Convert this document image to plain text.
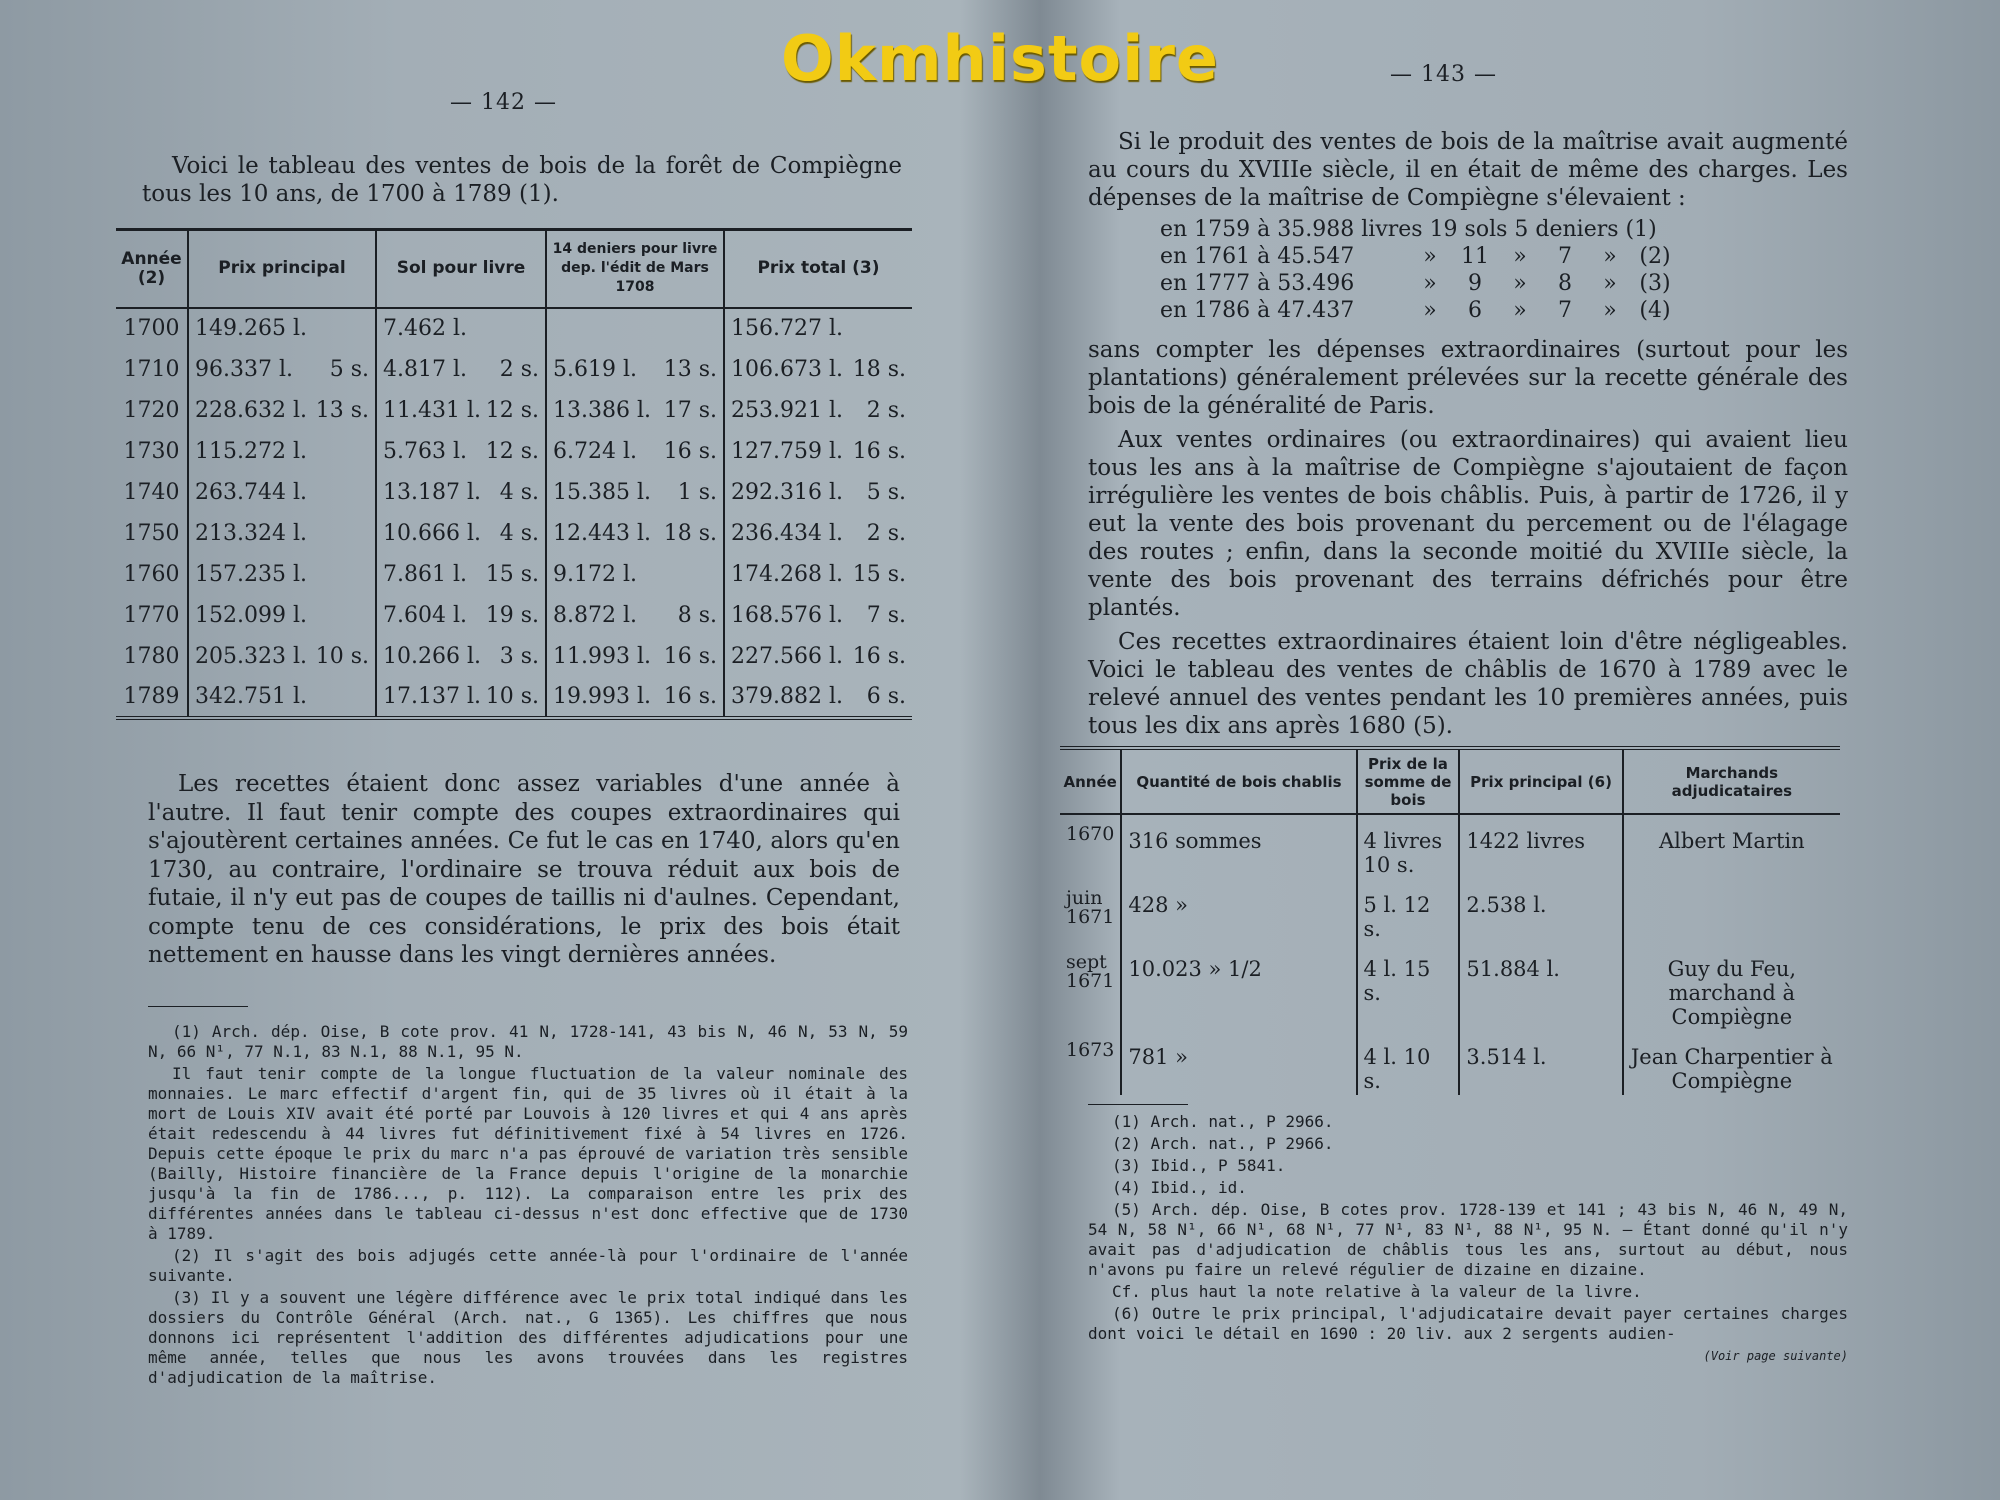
Okmhistoire
— 142 —

Voici le tableau des ventes de bois de la forêt de Compiègne tous les 10 ans, de 1700 à 1789 (1).

Année (2)	Prix principal	Sol pour livre	14 deniers pour livre dep. l'édit de Mars 1708	Prix total (3)
1700	149.265 l.	7.462 l.		156.727 l.

1710	96.337 l. 5 s.	4.817 l. 2 s.	5.619 l. 13 s.	106.673 l. 18 s.

1720	228.632 l. 13 s.	11.431 l. 12 s.	13.386 l. 17 s.	253.921 l. 2 s.

1730	115.272 l.	5.763 l. 12 s.	6.724 l. 16 s.	127.759 l. 16 s.

1740	263.744 l.	13.187 l. 4 s.	15.385 l. 1 s.	292.316 l. 5 s.

1750	213.324 l.	10.666 l. 4 s.	12.443 l. 18 s.	236.434 l. 2 s.

1760	157.235 l.	7.861 l. 15 s.	9.172 l.	174.268 l. 15 s.

1770	152.099 l.	7.604 l. 19 s.	8.872 l. 8 s.	168.576 l. 7 s.

1780	205.323 l. 10 s.	10.266 l. 3 s.	11.993 l. 16 s.	227.566 l. 16 s.

1789	342.751 l.	17.137 l. 10 s.	19.993 l. 16 s.	379.882 l. 6 s.

Les recettes étaient donc assez variables d'une année à l'autre. Il faut tenir compte des coupes extraordinaires qui s'ajoutèrent certaines années. Ce fut le cas en 1740, alors qu'en 1730, au contraire, l'ordinaire se trouva réduit aux bois de futaie, il n'y eut pas de coupes de taillis ni d'aulnes. Cependant, compte tenu de ces considérations, le prix des bois était nettement en hausse dans les vingt dernières années.

(1) Arch. dép. Oise, B cote prov. 41 N, 1728-141, 43 bis N, 46 N, 53 N, 59 N, 66 N¹, 77 N.1, 83 N.1, 88 N.1, 95 N.

Il faut tenir compte de la longue fluctuation de la valeur nominale des monnaies. Le marc effectif d'argent fin, qui de 35 livres où il était à la mort de Louis XIV avait été porté par Louvois à 120 livres et qui 4 ans après était redescendu à 44 livres fut définitivement fixé à 54 livres en 1726. Depuis cette époque le prix du marc n'a pas éprouvé de variation très sensible (Bailly, Histoire financière de la France depuis l'origine de la monarchie jusqu'à la fin de 1786..., p. 112). La comparaison entre les prix des différentes années dans le tableau ci-dessus n'est donc effective que de 1730 à 1789.

(2) Il s'agit des bois adjugés cette année-là pour l'ordinaire de l'année suivante.

(3) Il y a souvent une légère différence avec le prix total indiqué dans les dossiers du Contrôle Général (Arch. nat., G 1365). Les chiffres que nous donnons ici représentent l'addition des différentes adjudications pour une même année, telles que nous les avons trouvées dans les registres d'adjudication de la maîtrise.

— 143 —

Si le produit des ventes de bois de la maîtrise avait augmenté au cours du XVIIIe siècle, il en était de même des charges. Les dépenses de la maîtrise de Compiègne s'élevaient :

en 1759 à 35.988 livres 19 sols 5 deniers (1)
en 1761 à 45.547	» 11 » 7 » (2)
en 1777 à 53.496	» 9 » 8 » (3)
en 1786 à 47.437	» 6 » 7 » (4)

sans compter les dépenses extraordinaires (surtout pour les plantations) généralement prélevées sur la recette générale des bois de la généralité de Paris.

Aux ventes ordinaires (ou extraordinaires) qui avaient lieu tous les ans à la maîtrise de Compiègne s'ajoutaient de façon irrégulière les ventes de bois châblis. Puis, à partir de 1726, il y eut la vente des bois provenant du percement ou de l'élagage des routes ; enfin, dans la seconde moitié du XVIIIe siècle, la vente des bois provenant des terrains défrichés pour être plantés.

Ces recettes extraordinaires étaient loin d'être négligeables. Voici le tableau des ventes de châblis de 1670 à 1789 avec le relevé annuel des ventes pendant les 10 premières années, puis tous les dix ans après 1680 (5).

Année	Quantité de bois chablis	Prix de la somme de bois	Prix principal (6)	Marchands adjudicataires
1670	316 sommes	4 livres 10 s.	1422 livres	Albert Martin
juin 1671	428 »	5 l. 12 s.	2.538 l.	
sept 1671	10.023 » 1/2	4 l. 15 s.	51.884 l.	Guy du Feu, marchand à Compiègne
1673	781 »	4 l. 10 s.	3.514 l.	Jean Charpentier à Compiègne

(1) Arch. nat., P 2966.

(2) Arch. nat., P 2966.

(3) Ibid., P 5841.

(4) Ibid., id.

(5) Arch. dép. Oise, B cotes prov. 1728-139 et 141 ; 43 bis N, 46 N, 49 N, 54 N, 58 N¹, 66 N¹, 68 N¹, 77 N¹, 83 N¹, 88 N¹, 95 N. — Étant donné qu'il n'y avait pas d'adjudication de châblis tous les ans, surtout au début, nous n'avons pu faire un relevé régulier de dizaine en dizaine.

Cf. plus haut la note relative à la valeur de la livre.

(6) Outre le prix principal, l'adjudicataire devait payer certaines charges dont voici le détail en 1690 : 20 liv. aux 2 sergents audien-

(Voir page suivante)
